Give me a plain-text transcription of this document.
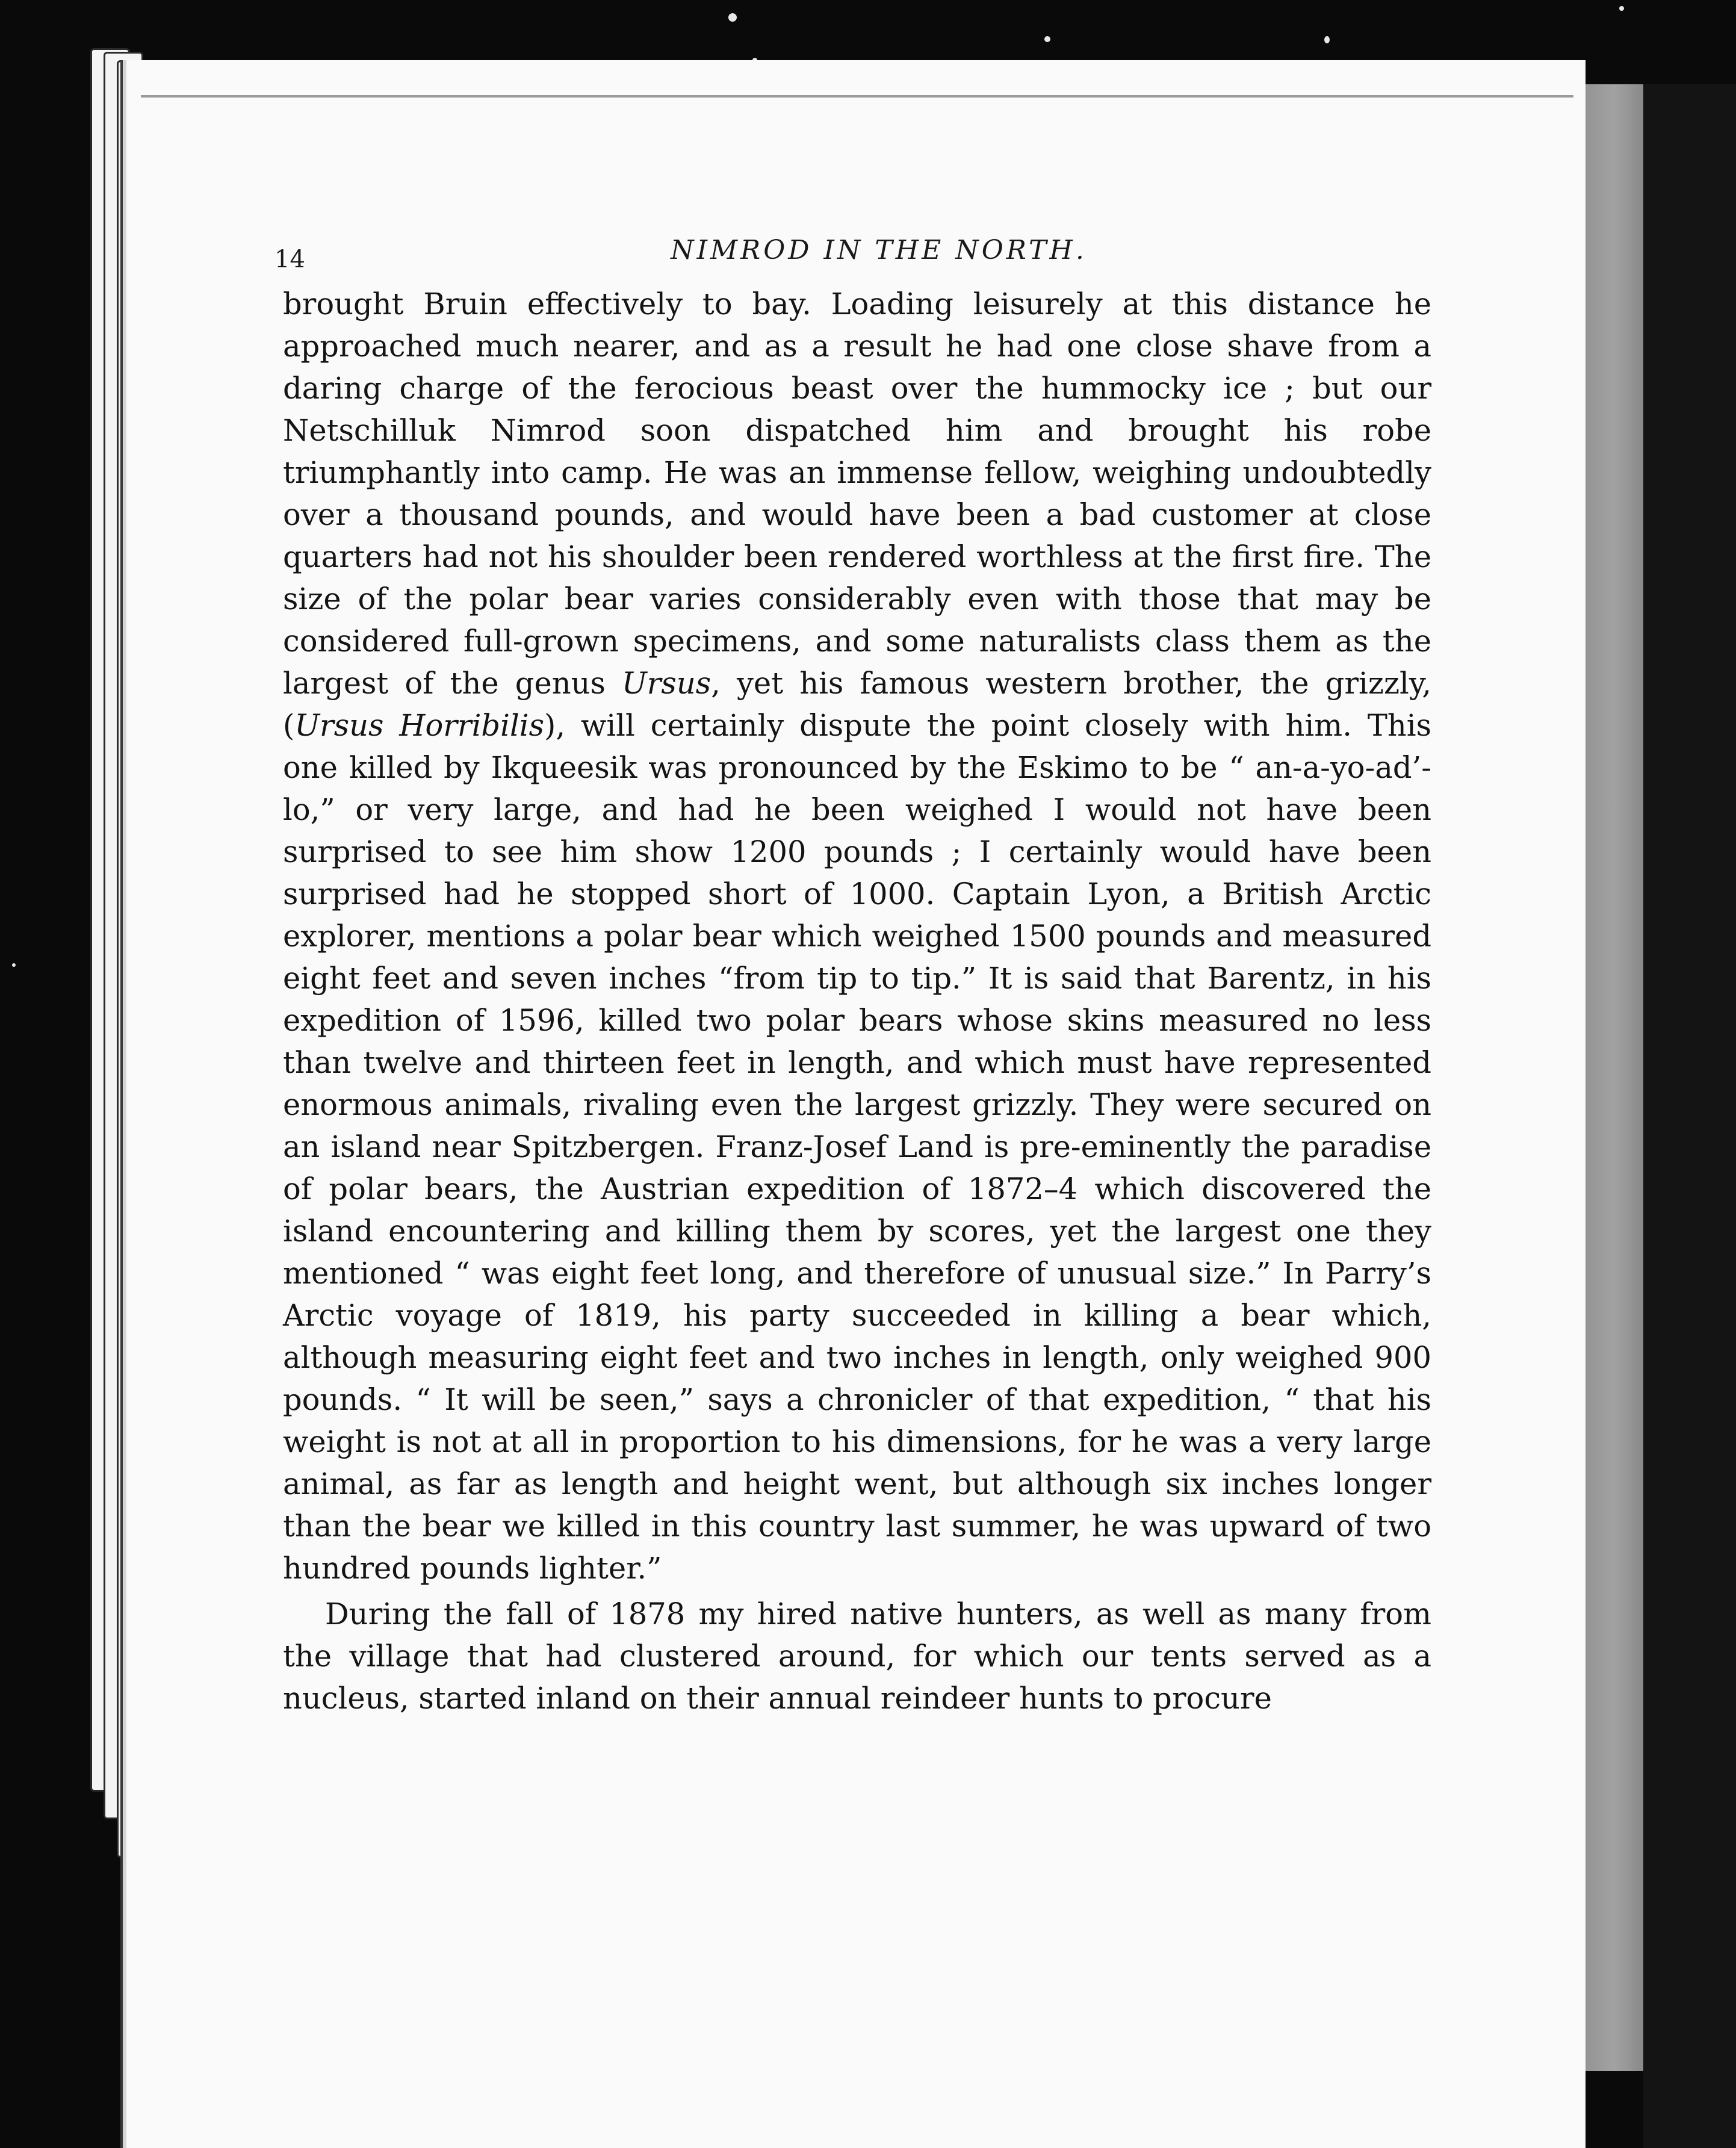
14	NIMROD IN THE NORTH.

brought Bruin effectively to bay. Loading leisurely at this distance he approached much nearer, and as a result he had one close shave from a daring charge of the ferocious beast over the hummocky ice ; but our Netschilluk Nimrod soon dispatched him and brought his robe triumphantly into camp. He was an immense fellow, weighing undoubtedly over a thousand pounds, and would have been a bad customer at close quarters had not his shoulder been rendered worthless at the first fire. The size of the polar bear varies considerably even with those that may be considered full-grown specimens, and some naturalists class them as the largest of the genus Ursus, yet his famous western brother, the grizzly, (Ursus Horribilis), will certainly dispute the point closely with him. This one killed by Ikqueesik was pronounced by the Eskimo to be “ an-a-yo-ad’-lo,” or very large, and had he been weighed I would not have been surprised to see him show 1200 pounds ; I certainly would have been surprised had he stopped short of 1000. Captain Lyon, a British Arctic explorer, mentions a polar bear which weighed 1500 pounds and measured eight feet and seven inches “from tip to tip.” It is said that Barentz, in his expedition of 1596, killed two polar bears whose skins measured no less than twelve and thirteen feet in length, and which must have represented enormous animals, rivaling even the largest grizzly. They were secured on an island near Spitzbergen. Franz-Josef Land is pre-eminently the paradise of polar bears, the Austrian expedition of 1872–4 which discovered the island encountering and killing them by scores, yet the largest one they mentioned “ was eight feet long, and therefore of unusual size.” In Parry’s Arctic voyage of 1819, his party succeeded in killing a bear which, although measuring eight feet and two inches in length, only weighed 900 pounds. “ It will be seen,” says a chronicler of that expedition, “ that his weight is not at all in proportion to his dimensions, for he was a very large animal, as far as length and height went, but although six inches longer than the bear we killed in this country last summer, he was upward of two hundred pounds lighter.”

During the fall of 1878 my hired native hunters, as well as many from the village that had clustered around, for which our tents served as a nucleus, started inland on their annual reindeer hunts to procure
